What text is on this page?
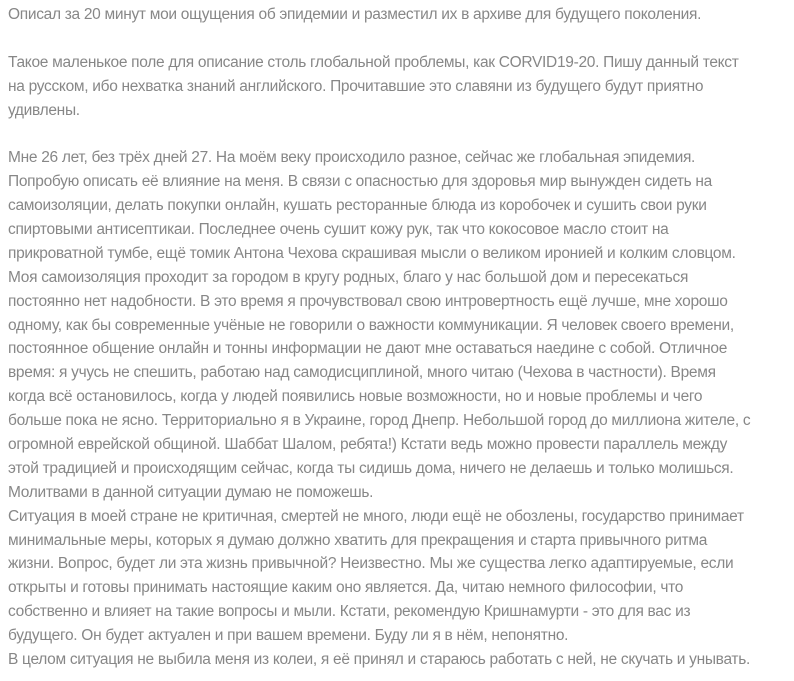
Описал за 20 минут мои ощущения об эпидемии и разместил их в архиве для будущего поколения.
Такое маленькое поле для описание столь глобальной проблемы, как CORVID19-20. Пишу данный текст
на русском, ибо нехватка знаний английского. Прочитавшие это славяни из будущего будут приятно
удивлены.
Мне 26 лет, без трёх дней 27. На моём веку происходило разное, сейчас же глобальная эпидемия.
Попробую описать её влияние на меня. В связи с опасностью для здоровья мир вынужден сидеть на
самоизоляции, делать покупки онлайн, кушать ресторанные блюда из коробочек и сушить свои руки
спиртовыми антисептикаи. Последнее очень сушит кожу рук, так что кокосовое масло стоит на
прикроватной тумбе, ещё томик Антона Чехова скрашивая мысли о великом иронией и колким словцом.
Моя самоизоляция проходит за городом в кругу родных, благо у нас большой дом и пересекаться
постоянно нет надобности. В это время я прочувствовал свою интровертность ещё лучше, мне хорошо
одному, как бы современные учёные не говорили о важности коммуникации. Я человек своего времени,
постоянное общение онлайн и тонны информации не дают мне оставаться наедине с собой. Отличное
время: я учусь не спешить, работаю над самодисциплиной, много читаю (Чехова в частности). Время
когда всё остановилось, когда у людей появились новые возможности, но и новые проблемы и чего
больше пока не ясно. Территориально я в Украине, город Днепр. Небольшой город до миллиона жителе, с
огромной еврейской общиной. Шаббат Шалом, ребята!) Кстати ведь можно провести параллель между
этой традицией и происходящим сейчас, когда ты сидишь дома, ничего не делаешь и только молишься.
Молитвами в данной ситуации думаю не поможешь.
Ситуация в моей стране не критичная, смертей не много, люди ещё не обозлены, государство принимает
минимальные меры, которых я думаю должно хватить для прекращения и старта привычного ритма
жизни. Вопрос, будет ли эта жизнь привычной? Неизвестно. Мы же существа легко адаптируемые, если
открыты и готовы принимать настоящие каким оно является. Да, читаю немного философии, что
собственно и влияет на такие вопросы и мыли. Кстати, рекомендую Кришнамурти - это для вас из
будущего. Он будет актуален и при вашем времени. Буду ли я в нём, непонятно.
В целом ситуация не выбила меня из колеи, я её принял и стараюсь работать с ней, не скучать и унывать.
